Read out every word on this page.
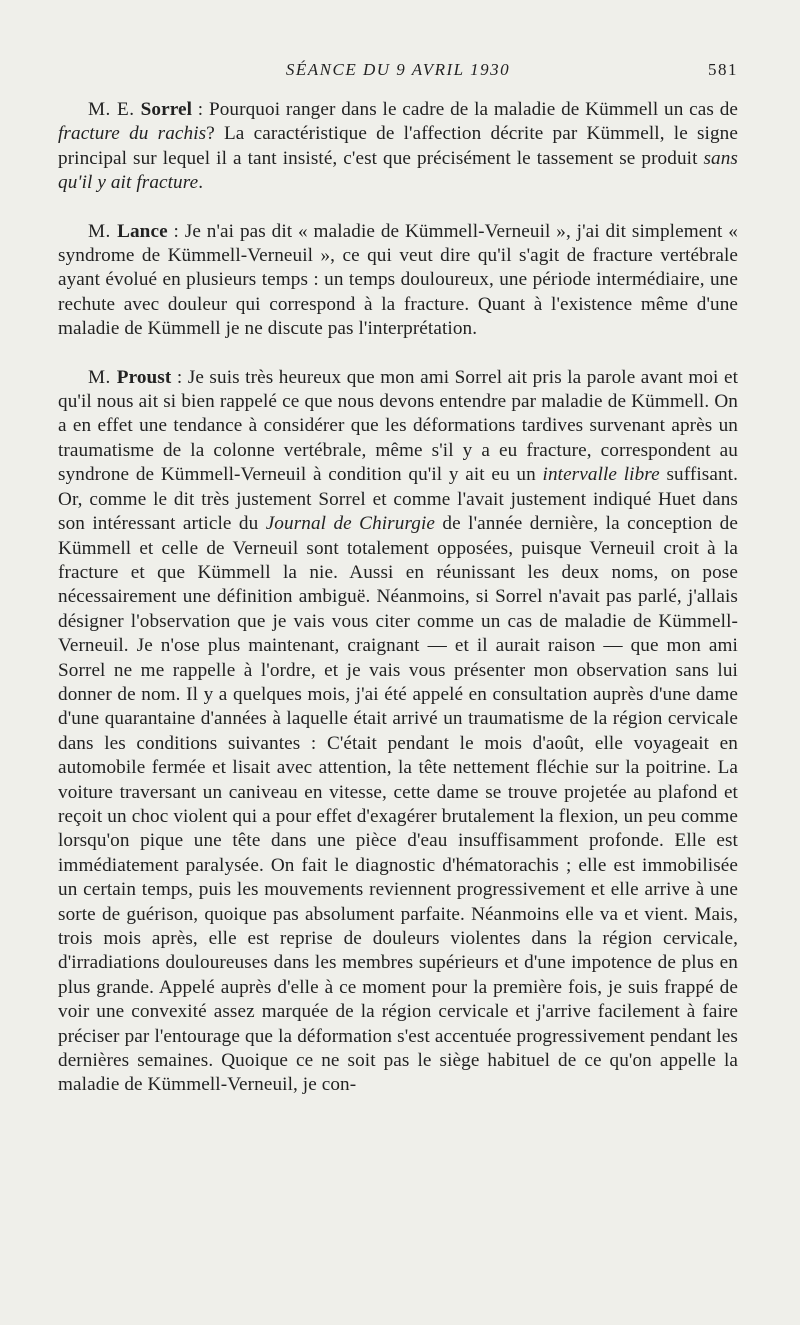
SÉANCE DU 9 AVRIL 1930	581

M. E. Sorrel : Pourquoi ranger dans le cadre de la maladie de Kümmell un cas de fracture du rachis? La caractéristique de l'affection décrite par Kümmell, le signe principal sur lequel il a tant insisté, c'est que précisément le tassement se produit sans qu'il y ait fracture.

M. Lance : Je n'ai pas dit « maladie de Kümmell-Verneuil », j'ai dit simplement « syndrome de Kümmell-Verneuil », ce qui veut dire qu'il s'agit de fracture vertébrale ayant évolué en plusieurs temps : un temps douloureux, une période intermédiaire, une rechute avec douleur qui correspond à la fracture. Quant à l'existence même d'une maladie de Kümmell je ne discute pas l'interprétation.

M. Proust : Je suis très heureux que mon ami Sorrel ait pris la parole avant moi et qu'il nous ait si bien rappelé ce que nous devons entendre par maladie de Kümmell. On a en effet une tendance à considérer que les déformations tardives survenant après un traumatisme de la colonne vertébrale, même s'il y a eu fracture, correspondent au syndrone de Kümmell-Verneuil à condition qu'il y ait eu un intervalle libre suffisant. Or, comme le dit très justement Sorrel et comme l'avait justement indiqué Huet dans son intéressant article du Journal de Chirurgie de l'année dernière, la conception de Kümmell et celle de Verneuil sont totalement opposées, puisque Verneuil croit à la fracture et que Kümmell la nie. Aussi en réunissant les deux noms, on pose nécessairement une définition ambiguë. Néanmoins, si Sorrel n'avait pas parlé, j'allais désigner l'observation que je vais vous citer comme un cas de maladie de Kümmell-Verneuil. Je n'ose plus maintenant, craignant — et il aurait raison — que mon ami Sorrel ne me rappelle à l'ordre, et je vais vous présenter mon observation sans lui donner de nom. Il y a quelques mois, j'ai été appelé en consultation auprès d'une dame d'une quarantaine d'années à laquelle était arrivé un traumatisme de la région cervicale dans les conditions suivantes : C'était pendant le mois d'août, elle voyageait en automobile fermée et lisait avec attention, la tête nettement fléchie sur la poitrine. La voiture traversant un caniveau en vitesse, cette dame se trouve projetée au plafond et reçoit un choc violent qui a pour effet d'exagérer brutalement la flexion, un peu comme lorsqu'on pique une tête dans une pièce d'eau insuffisamment profonde. Elle est immédiatement paralysée. On fait le diagnostic d'hématorachis ; elle est immobilisée un certain temps, puis les mouvements reviennent progressivement et elle arrive à une sorte de guérison, quoique pas absolument parfaite. Néanmoins elle va et vient. Mais, trois mois après, elle est reprise de douleurs violentes dans la région cervicale, d'irradiations douloureuses dans les membres supérieurs et d'une impotence de plus en plus grande. Appelé auprès d'elle à ce moment pour la première fois, je suis frappé de voir une convexité assez marquée de la région cervicale et j'arrive facilement à faire préciser par l'entourage que la déformation s'est accentuée progressivement pendant les dernières semaines. Quoique ce ne soit pas le siège habituel de ce qu'on appelle la maladie de Kümmell-Verneuil, je con-
